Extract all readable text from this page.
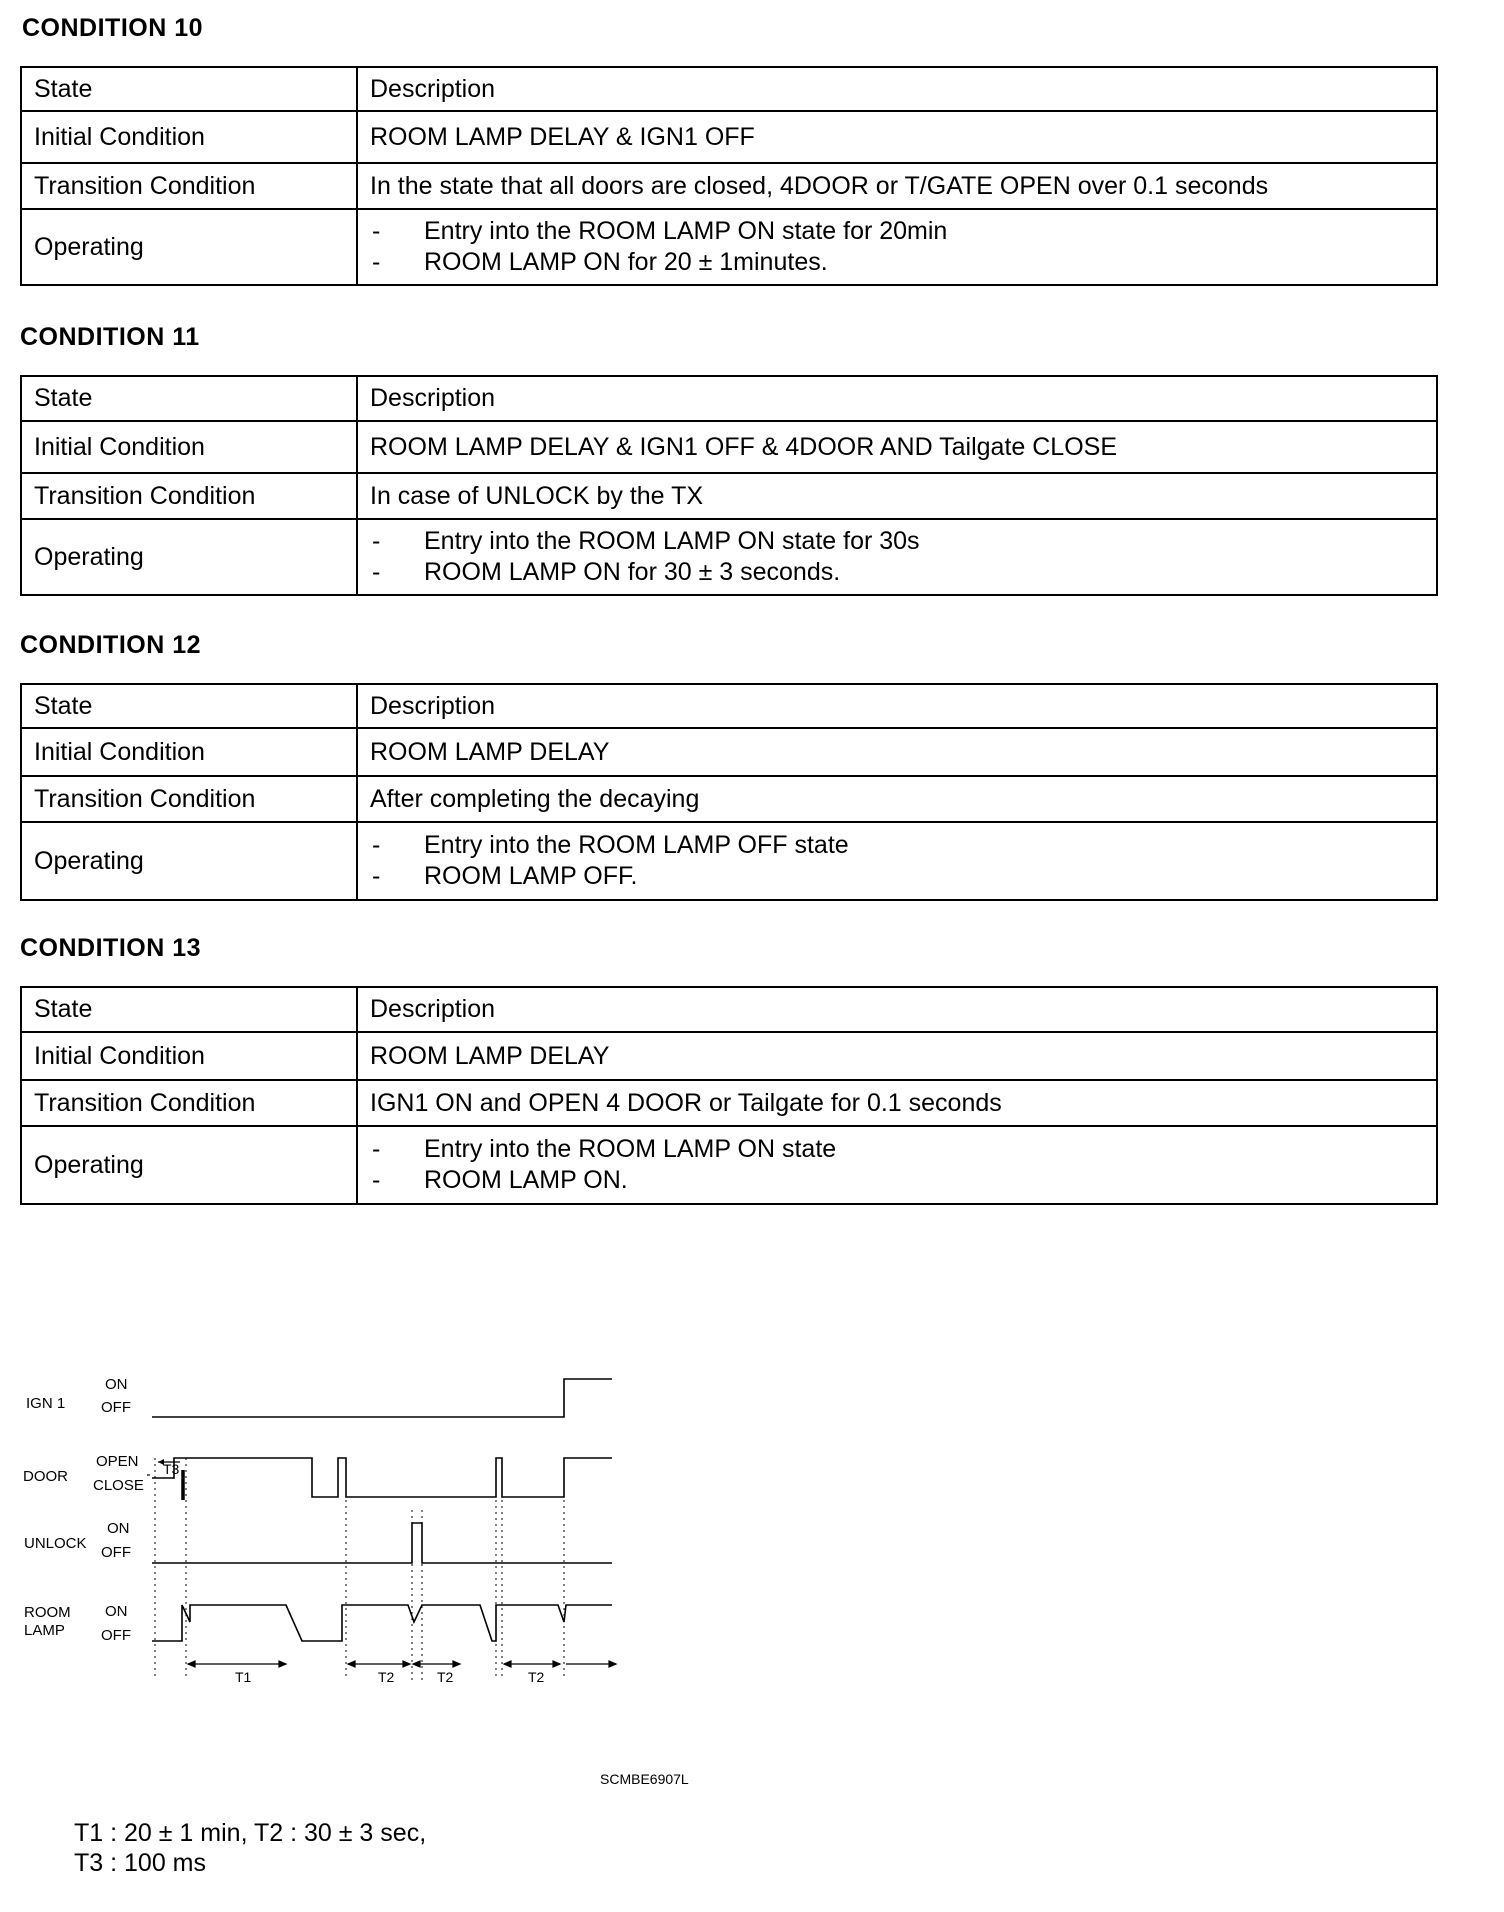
CONDITION 10
State	Description
Initial Condition	ROOM LAMP DELAY & IGN1 OFF
Transition Condition	In the state that all doors are closed, 4DOOR or T/GATE OPEN over 0.1 seconds
Operating	- Entry into the ROOM LAMP ON state for 20min
- ROOM LAMP ON for 20 ± 1minutes.
CONDITION 11
State	Description
Initial Condition	ROOM LAMP DELAY & IGN1 OFF & 4DOOR AND Tailgate CLOSE
Transition Condition	In case of UNLOCK by the TX
Operating	- Entry into the ROOM LAMP ON state for 30s
- ROOM LAMP ON for 30 ± 3 seconds.
CONDITION 12
State	Description
Initial Condition	ROOM LAMP DELAY
Transition Condition	After completing the decaying
Operating	- Entry into the ROOM LAMP OFF state
- ROOM LAMP OFF.
CONDITION 13
State	Description
Initial Condition	ROOM LAMP DELAY
Transition Condition	IGN1 ON and OPEN 4 DOOR or Tailgate for 0.1 seconds
Operating	- Entry into the ROOM LAMP ON state
- ROOM LAMP ON.
IGN 1
ON
OFF
DOOR
OPEN
CLOSE
UNLOCK
ON
OFF
ROOM
LAMP
ON
OFF
T3
T1	T2	T2	T2
SCMBE6907L
T1 : 20 ± 1 min, T2 : 30 ± 3 sec,
T3 : 100 ms
